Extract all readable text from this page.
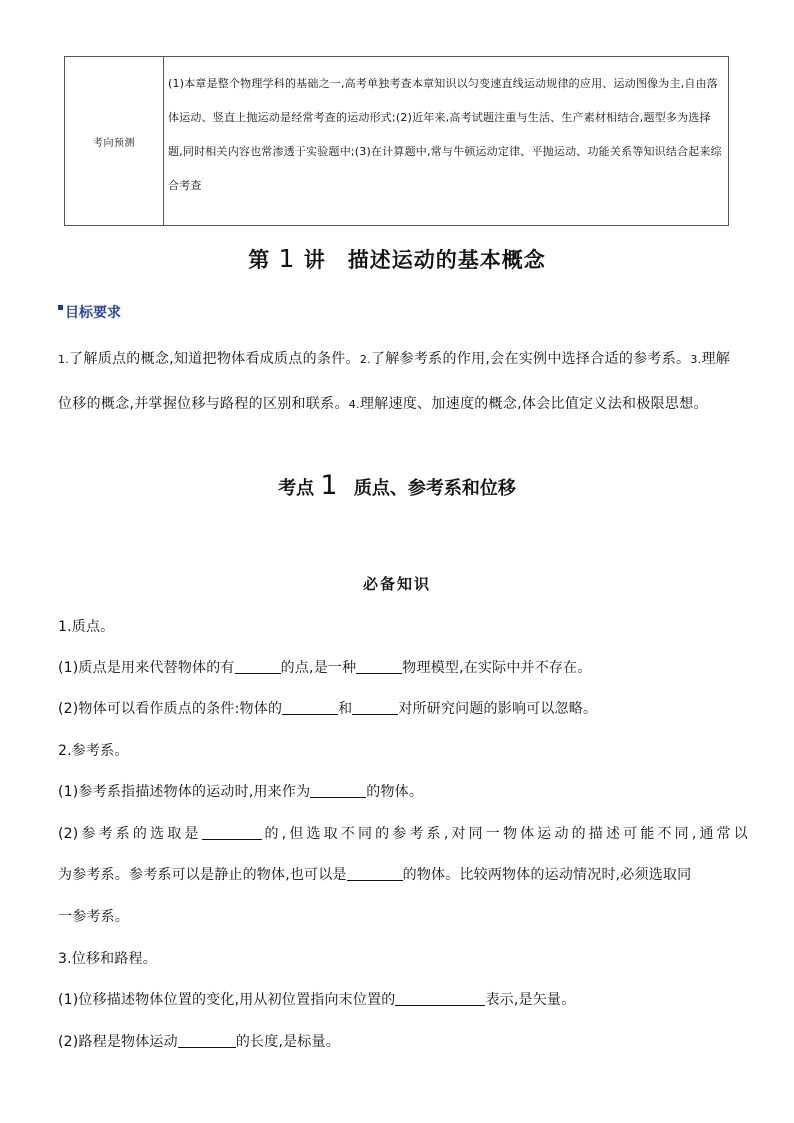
考向预测
(1)本章是整个物理学科的基础之一,高考单独考查本章知识以匀变速直线运动规律的应用、运动图像为主,自由落体运动、竖直上抛运动是经常考查的运动形式;(2)近年来,高考试题注重与生活、生产素材相结合,题型多为选择题,同时相关内容也常渗透于实验题中;(3)在计算题中,常与牛顿运动定律、平抛运动、功能关系等知识结合起来综合考查
第 1 讲　描述运动的基本概念
目标要求
1.了解质点的概念,知道把物体看成质点的条件。2.了解参考系的作用,会在实例中选择合适的参考系。3.理解位移的概念,并掌握位移与路程的区别和联系。4.理解速度、加速度的概念,体会比值定义法和极限思想。
考点 1 质点、参考系和位移
必备知识
1.质点。
(1)质点是用来代替物体的有	的点,是一种	物理模型,在实际中并不存在。
(2)物体可以看作质点的条件:物体的	和	对所研究问题的影响可以忽略。
2.参考系。
(1)参考系指描述物体的运动时,用来作为	的物体。
(2)参考系的选取是	的,但选取不同的参考系,对同一物体运动的描述可能不同,通常以
为参考系。参考系可以是静止的物体,也可以是	的物体。比较两物体的运动情况时,必须选取同
一参考系。
3.位移和路程。
(1)位移描述物体位置的变化,用从初位置指向末位置的	表示,是矢量。
(2)路程是物体运动	的长度,是标量。
